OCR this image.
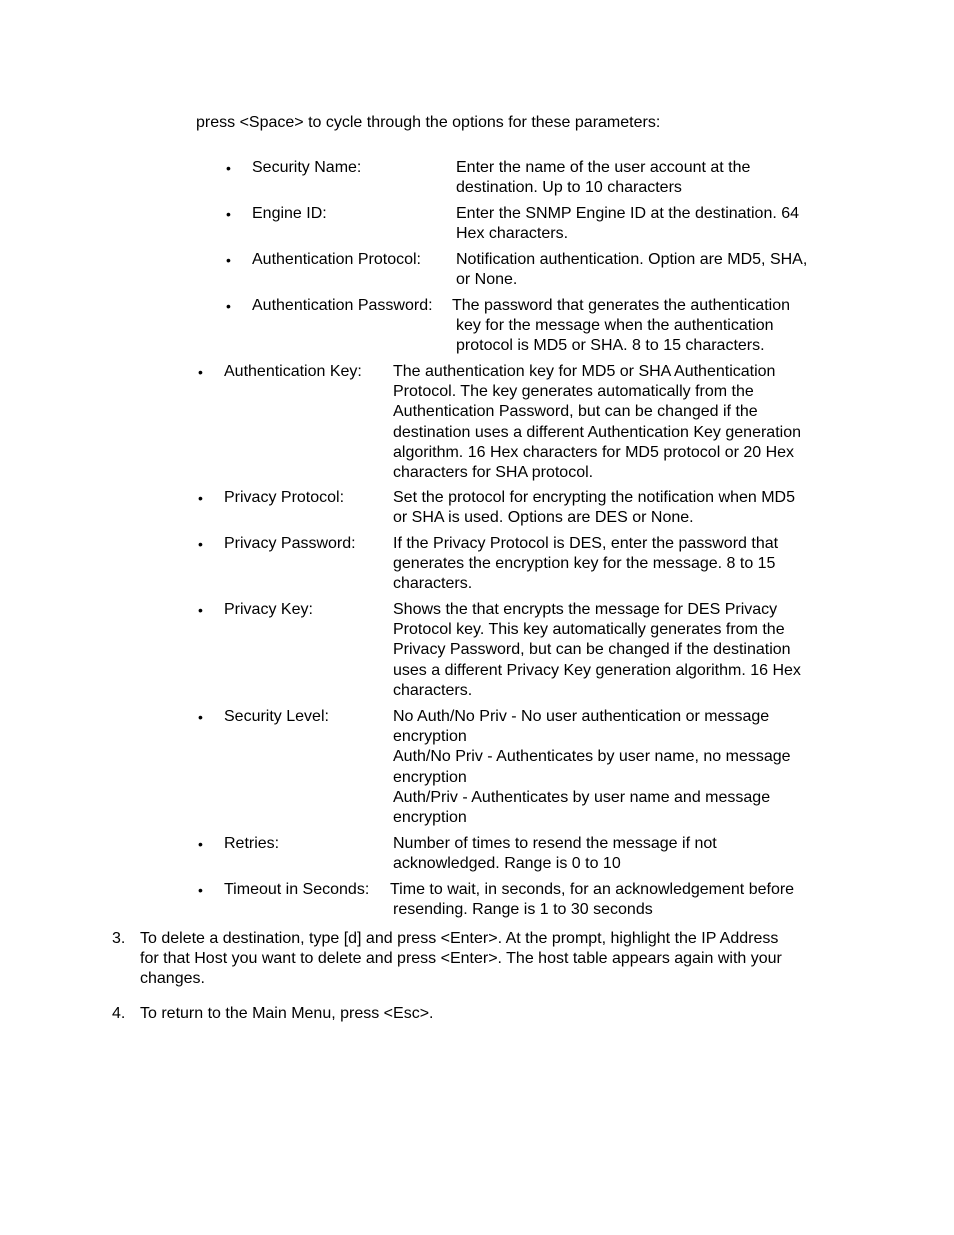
press <Space> to cycle through the options for these parameters:
• Security Name:	Enter the name of the user account at the
destination. Up to 10 characters
• Engine ID:	Enter the SNMP Engine ID at the destination. 64
Hex characters.
• Authentication Protocol: Notification authentication. Option are MD5, SHA,
or None.
• Authentication Password: The password that generates the authentication
key for the message when the authentication
protocol is MD5 or SHA. 8 to 15 characters.
• Authentication Key: The authentication key for MD5 or SHA Authentication
Protocol. The key generates automatically from the
Authentication Password, but can be changed if the
destination uses a different Authentication Key generation
algorithm. 16 Hex characters for MD5 protocol or 20 Hex
characters for SHA protocol.
• Privacy Protocol:	Set the protocol for encrypting the notification when MD5
or SHA is used. Options are DES or None.
• Privacy Password: If the Privacy Protocol is DES, enter the password that
generates the encryption key for the message. 8 to 15
characters.
• Privacy Key:	Shows the that encrypts the message for DES Privacy
Protocol key. This key automatically generates from the
Privacy Password, but can be changed if the destination
uses a different Privacy Key generation algorithm. 16 Hex
characters.
• Security Level:	No Auth/No Priv - No user authentication or message
encryption
Auth/No Priv - Authenticates by user name, no message
encryption
Auth/Priv - Authenticates by user name and message
encryption
• Retries:	Number of times to resend the message if not
acknowledged. Range is 0 to 10
• Timeout in Seconds: Time to wait, in seconds, for an acknowledgement before
resending. Range is 1 to 30 seconds
3. To delete a destination, type [d] and press <Enter>. At the prompt, highlight the IP Address
for that Host you want to delete and press <Enter>. The host table appears again with your
changes.
4. To return to the Main Menu, press <Esc>.
